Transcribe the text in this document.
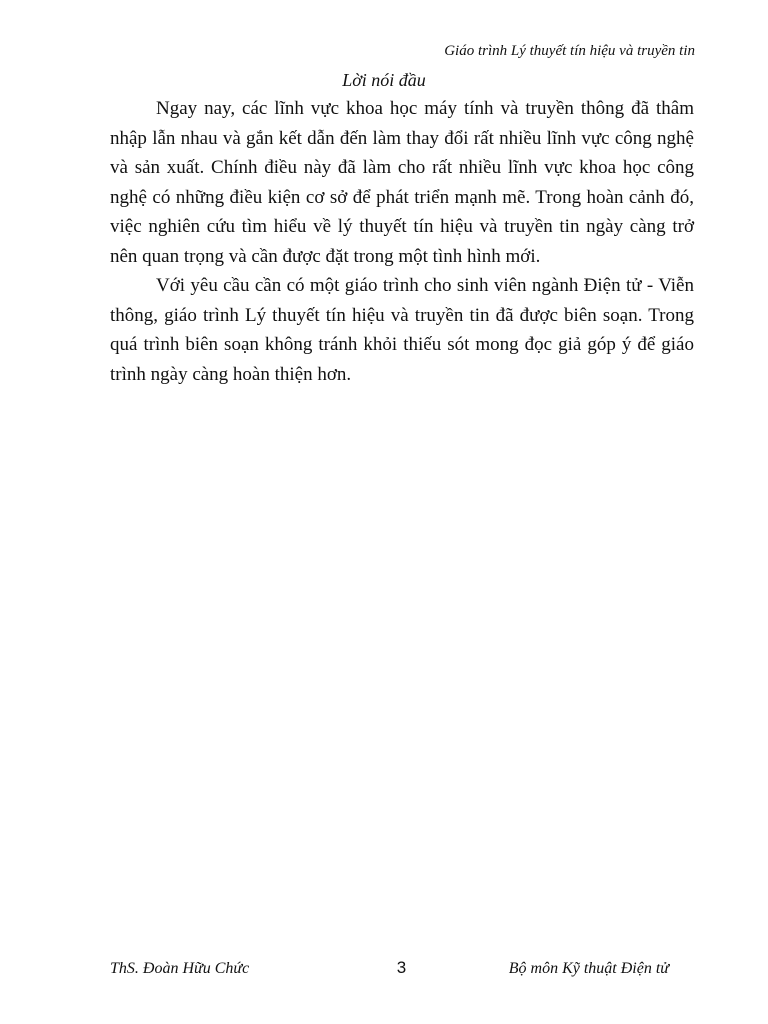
Giáo trình Lý thuyết tín hiệu và truyền tin
Lời nói đầu

Ngay nay, các lĩnh vực khoa học máy tính và truyền thông đã thâm nhập lẫn nhau và gắn kết dẫn đến làm thay đổi rất nhiều lĩnh vực công nghệ và sản xuất. Chính điều này đã làm cho rất nhiều lĩnh vực khoa học công nghệ có những điều kiện cơ sở để phát triển mạnh mẽ. Trong hoàn cảnh đó, việc nghiên cứu tìm hiểu về lý thuyết tín hiệu và truyền tin ngày càng trở nên quan trọng và cần được đặt trong một tình hình mới.

Với yêu cầu cần có một giáo trình cho sinh viên ngành Điện tử - Viễn thông, giáo trình Lý thuyết tín hiệu và truyền tin đã được biên soạn. Trong quá trình biên soạn không tránh khỏi thiếu sót mong đọc giả góp ý để giáo trình ngày càng hoàn thiện hơn.

ThS. Đoàn Hữu Chức	3	Bộ môn Kỹ thuật Điện tử
